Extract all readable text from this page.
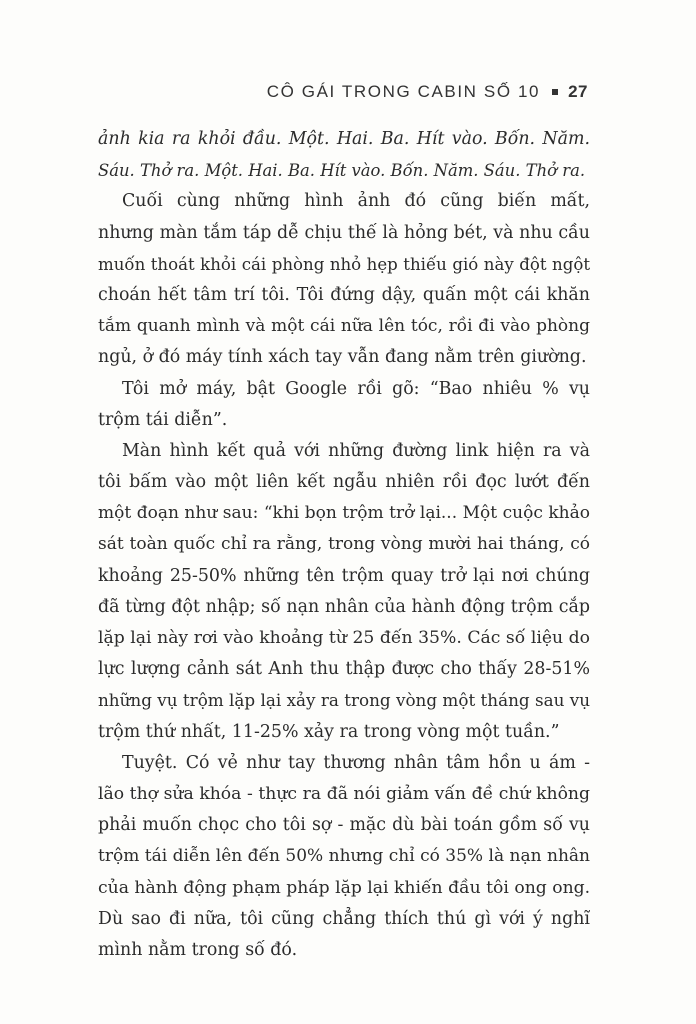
CÔ GÁI TRONG CABIN SỐ 10 27
ảnh kia ra khỏi đầu. Một. Hai. Ba. Hít vào. Bốn. Năm.
Sáu. Thở ra. Một. Hai. Ba. Hít vào. Bốn. Năm. Sáu. Thở ra.
Cuối cùng những hình ảnh đó cũng biến mất,
nhưng màn tắm táp dễ chịu thế là hỏng bét, và nhu cầu
muốn thoát khỏi cái phòng nhỏ hẹp thiếu gió này đột ngột
choán hết tâm trí tôi. Tôi đứng dậy, quấn một cái khăn
tắm quanh mình và một cái nữa lên tóc, rồi đi vào phòng
ngủ, ở đó máy tính xách tay vẫn đang nằm trên giường.
Tôi mở máy, bật Google rồi gõ: “Bao nhiêu % vụ
trộm tái diễn”.
Màn hình kết quả với những đường link hiện ra và
tôi bấm vào một liên kết ngẫu nhiên rồi đọc lướt đến
một đoạn như sau: “khi bọn trộm trở lại... Một cuộc khảo
sát toàn quốc chỉ ra rằng, trong vòng mười hai tháng, có
khoảng 25-50% những tên trộm quay trở lại nơi chúng
đã từng đột nhập; số nạn nhân của hành động trộm cắp
lặp lại này rơi vào khoảng từ 25 đến 35%. Các số liệu do
lực lượng cảnh sát Anh thu thập được cho thấy 28-51%
những vụ trộm lặp lại xảy ra trong vòng một tháng sau vụ
trộm thứ nhất, 11-25% xảy ra trong vòng một tuần.”
Tuyệt. Có vẻ như tay thương nhân tâm hồn u ám -
lão thợ sửa khóa - thực ra đã nói giảm vấn đề chứ không
phải muốn chọc cho tôi sợ - mặc dù bài toán gồm số vụ
trộm tái diễn lên đến 50% nhưng chỉ có 35% là nạn nhân
của hành động phạm pháp lặp lại khiến đầu tôi ong ong.
Dù sao đi nữa, tôi cũng chẳng thích thú gì với ý nghĩ
mình nằm trong số đó.
